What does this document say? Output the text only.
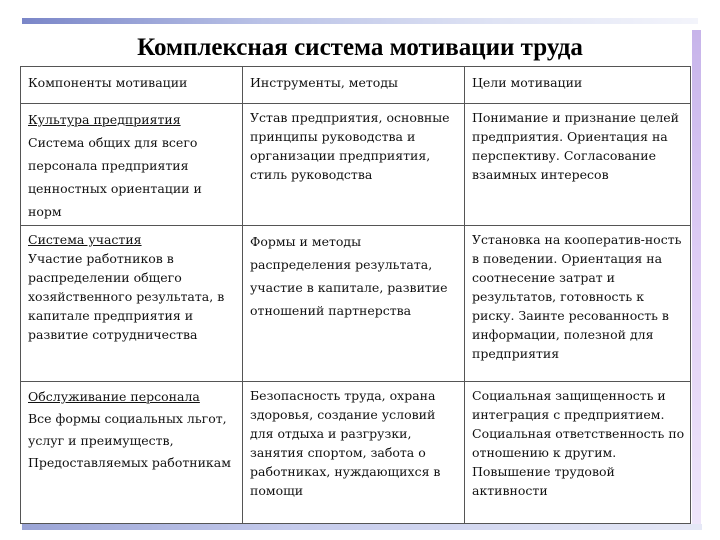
Комплексная система мотивации труда
Компоненты мотивации	Инструменты, методы	Цели мотивации
Культура предприятия
Система общих для всего персонала предприятия ценностных ориентации и норм	Устав предприятия, основные принципы руководства и организации предприятия, стиль руководства	Понимание и признание целей предприятия. Ориентация на перспективу. Согласование взаимных интересов
Система участия
Участие работников в распределении общего хозяйственного результата, в капитале предприятия и развитие сотрудничества	Формы и методы распределения результата, участие в капитале, развитие отношений партнерства	Установка на кооператив-ность в поведении. Ориентация на соотнесение затрат и результатов, готовность к риску. Заинте ресованность в информации, полезной для предприятия
Обслуживание персонала
Все формы социальных льгот, услуг и преимуществ, Предоставляемых работникам	Безопасность труда, охрана здоровья, создание условий для отдыха и разгрузки, занятия спортом, забота о работниках, нуждающихся в помощи	Социальная защищенность и интеграция с предприятием. Социальная ответственность по отношению к другим. Повышение трудовой активности
